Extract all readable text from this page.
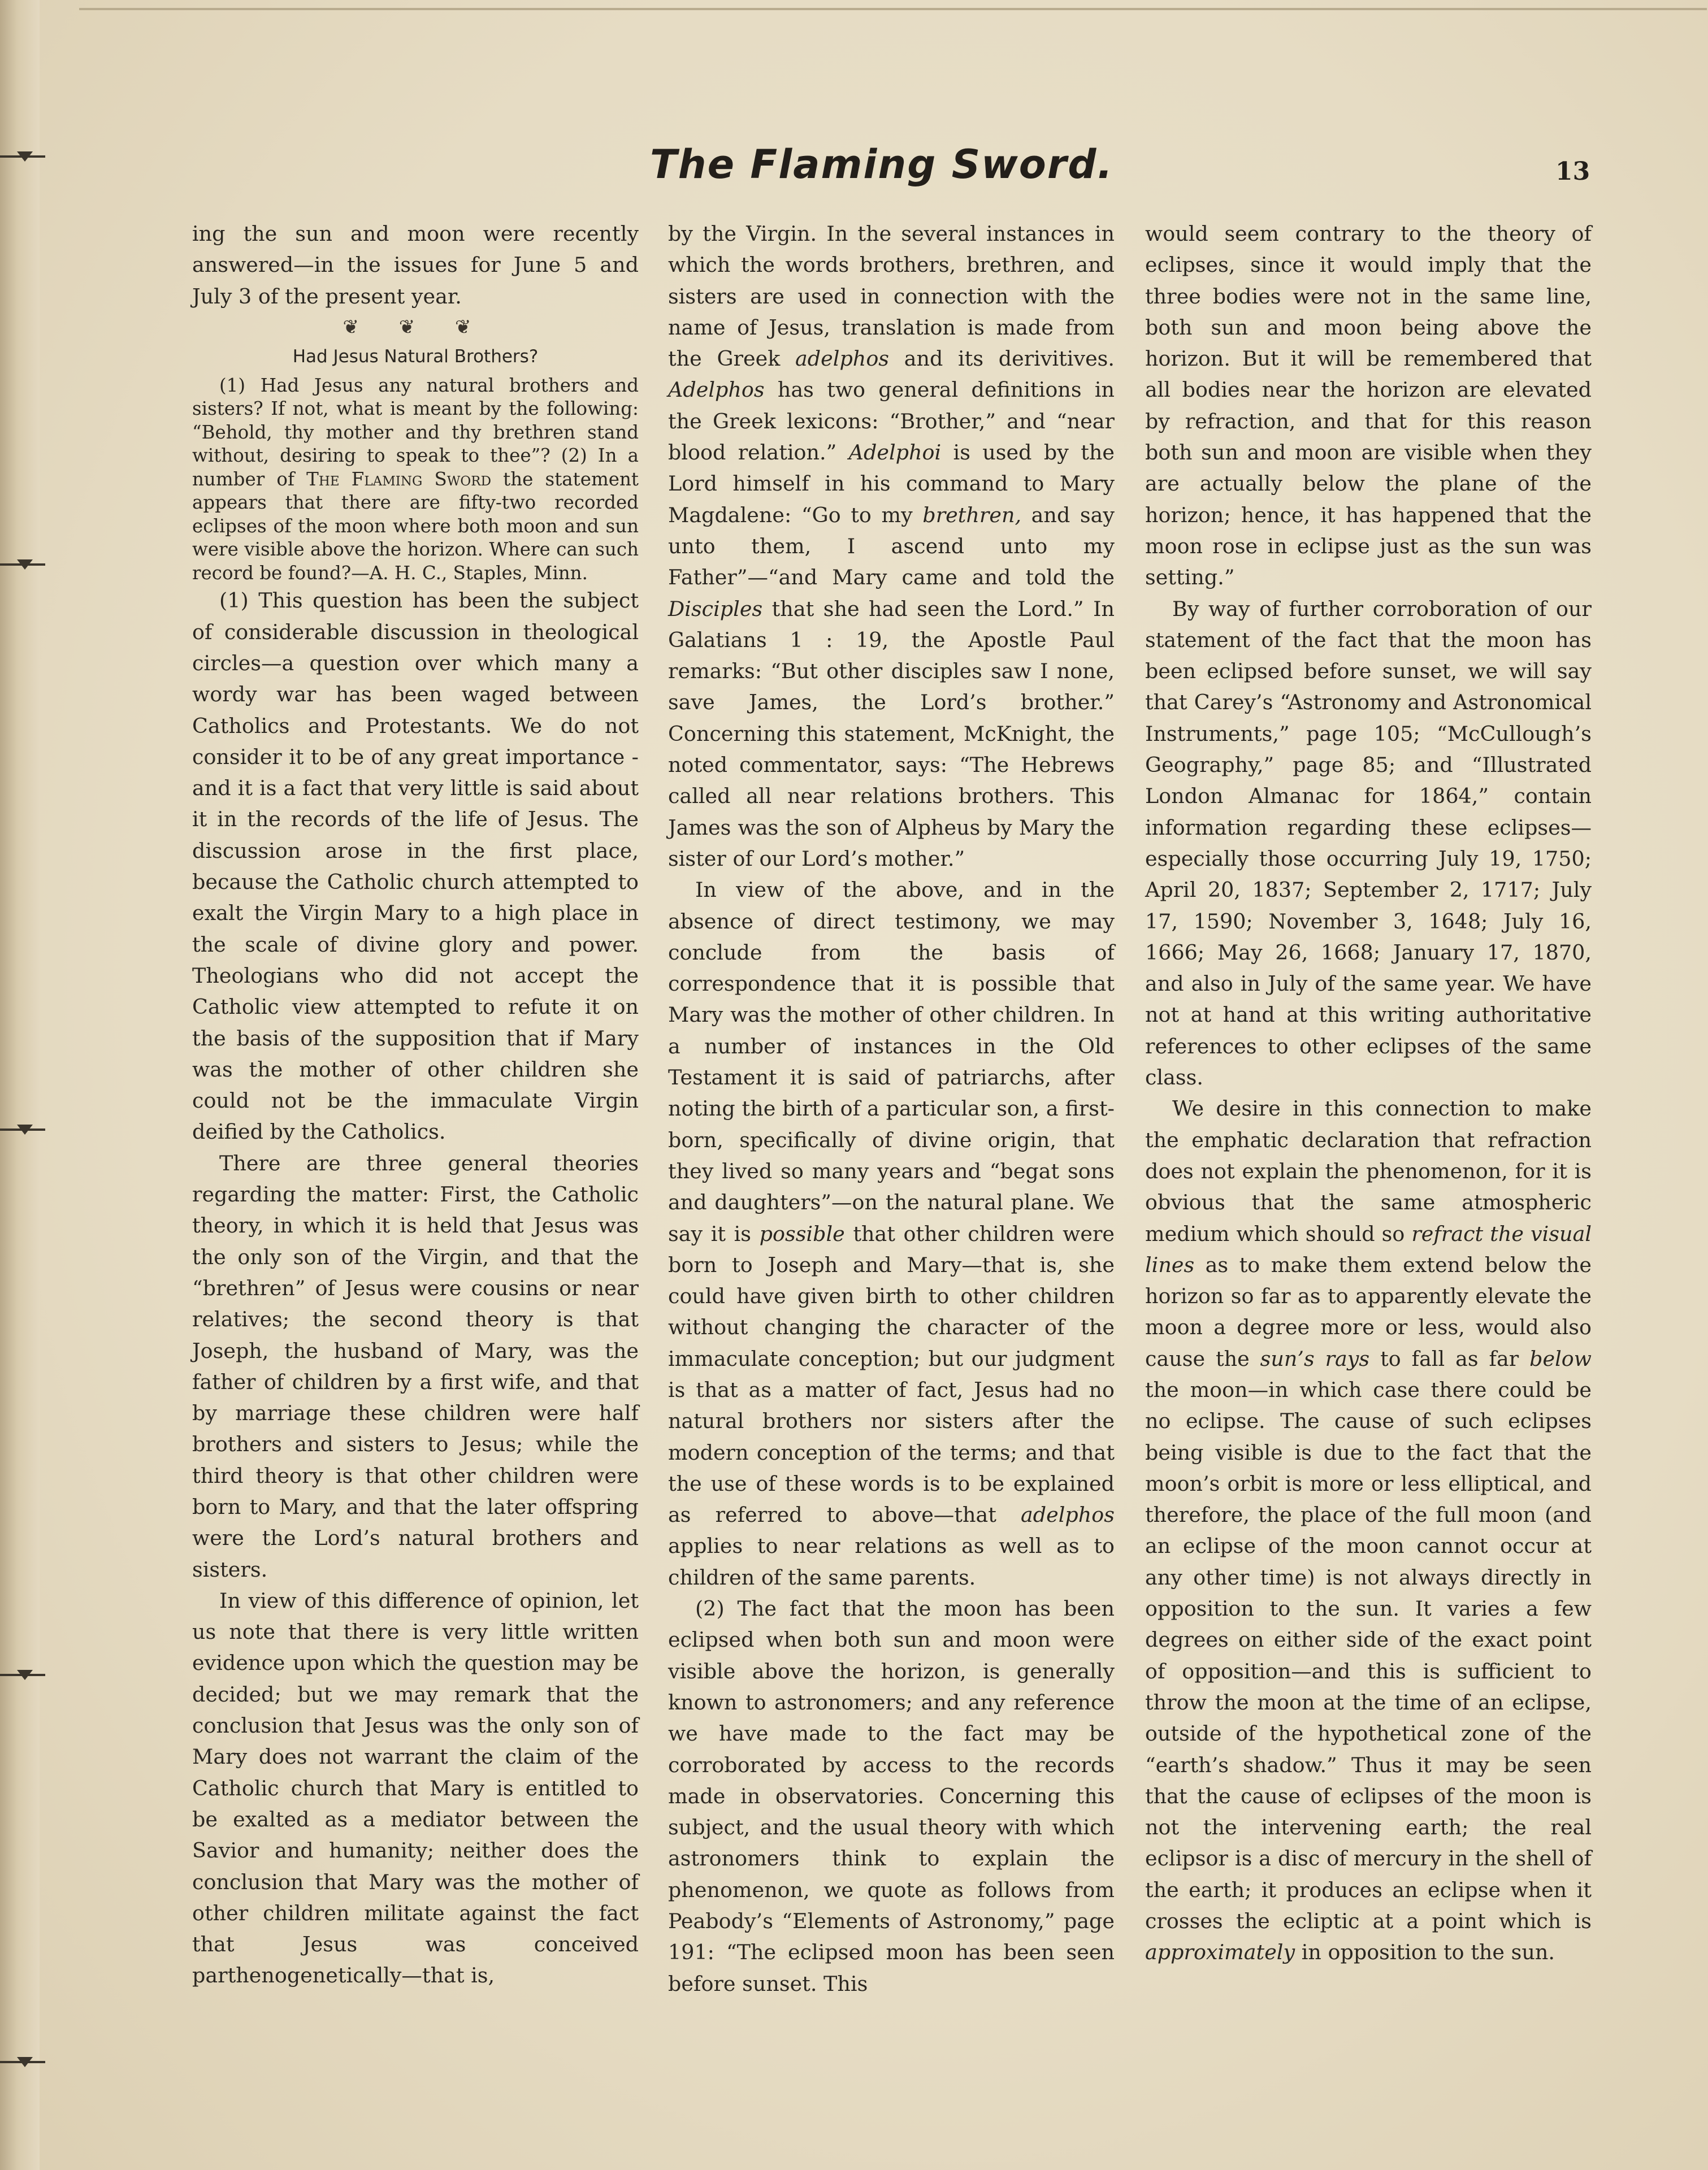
The Flaming Sword.	13

ing the sun and moon were recently answered—in the issues for June 5 and July 3 of the present year.

❦ ❦ ❦
Had Jesus Natural Brothers?

(1) Had Jesus any natural brothers and sisters? If not, what is meant by the following: “Behold, thy mother and thy brethren stand without, desiring to speak to thee”? (2) In a number of The Flaming Sword the statement appears that there are fifty-two recorded eclipses of the moon where both moon and sun were visible above the horizon. Where can such record be found?—A. H. C., Staples, Minn.

(1) This question has been the subject of considerable discussion in theological circles—a question over which many a wordy war has been waged between Catholics and Protestants. We do not consider it to be of any great importance - and it is a fact that very little is said about it in the records of the life of Jesus. The discussion arose in the first place, because the Catholic church attempted to exalt the Virgin Mary to a high place in the scale of divine glory and power. Theologians who did not accept the Catholic view attempted to refute it on the basis of the supposition that if Mary was the mother of other children she could not be the immaculate Virgin deified by the Catholics.

There are three general theories regarding the matter: First, the Catholic theory, in which it is held that Jesus was the only son of the Virgin, and that the “brethren” of Jesus were cousins or near relatives; the second theory is that Joseph, the husband of Mary, was the father of children by a first wife, and that by marriage these children were half brothers and sisters to Jesus; while the third theory is that other children were born to Mary, and that the later offspring were the Lord’s natural brothers and sisters.

In view of this difference of opinion, let us note that there is very little written evidence upon which the question may be decided; but we may remark that the conclusion that Jesus was the only son of Mary does not warrant the claim of the Catholic church that Mary is entitled to be exalted as a mediator between the Savior and humanity; neither does the conclusion that Mary was the mother of other children militate against the fact that Jesus was conceived parthenogenetically—that is,

by the Virgin. In the several instances in which the words brothers, brethren, and sisters are used in connection with the name of Jesus, translation is made from the Greek adelphos and its derivitives. Adelphos has two general definitions in the Greek lexicons: “Brother,” and “near blood relation.” Adelphoi is used by the Lord himself in his command to Mary Magdalene: “Go to my brethren, and say unto them, I ascend unto my Father”—“and Mary came and told the Disciples that she had seen the Lord.” In Galatians 1 : 19, the Apostle Paul remarks: “But other disciples saw I none, save James, the Lord’s brother.” Concerning this statement, McKnight, the noted commentator, says: “The Hebrews called all near relations brothers. This James was the son of Alpheus by Mary the sister of our Lord’s mother.”

In view of the above, and in the absence of direct testimony, we may conclude from the basis of correspondence that it is possible that Mary was the mother of other children. In a number of instances in the Old Testament it is said of patriarchs, after noting the birth of a particular son, a first-born, specifically of divine origin, that they lived so many years and “begat sons and daughters”—on the natural plane. We say it is possible that other children were born to Joseph and Mary—that is, she could have given birth to other children without changing the character of the immaculate conception; but our judgment is that as a matter of fact, Jesus had no natural brothers nor sisters after the modern conception of the terms; and that the use of these words is to be explained as referred to above—that adelphos applies to near relations as well as to children of the same parents.

(2) The fact that the moon has been eclipsed when both sun and moon were visible above the horizon, is generally known to astronomers; and any reference we have made to the fact may be corroborated by access to the records made in observatories. Concerning this subject, and the usual theory with which astronomers think to explain the phenomenon, we quote as follows from Peabody’s “Elements of Astronomy,” page 191: “The eclipsed moon has been seen before sunset. This

would seem contrary to the theory of eclipses, since it would imply that the three bodies were not in the same line, both sun and moon being above the horizon. But it will be remembered that all bodies near the horizon are elevated by refraction, and that for this reason both sun and moon are visible when they are actually below the plane of the horizon; hence, it has happened that the moon rose in eclipse just as the sun was setting.”

By way of further corroboration of our statement of the fact that the moon has been eclipsed before sunset, we will say that Carey’s “Astronomy and Astronomical Instruments,” page 105; “McCullough’s Geography,” page 85; and “Illustrated London Almanac for 1864,” contain information regarding these eclipses—especially those occurring July 19, 1750; April 20, 1837; September 2, 1717; July 17, 1590; November 3, 1648; July 16, 1666; May 26, 1668; January 17, 1870, and also in July of the same year. We have not at hand at this writing authoritative references to other eclipses of the same class.

We desire in this connection to make the emphatic declaration that refraction does not explain the phenomenon, for it is obvious that the same atmospheric medium which should so refract the visual lines as to make them extend below the horizon so far as to apparently elevate the moon a degree more or less, would also cause the sun’s rays to fall as far below the moon—in which case there could be no eclipse. The cause of such eclipses being visible is due to the fact that the moon’s orbit is more or less elliptical, and therefore, the place of the full moon (and an eclipse of the moon cannot occur at any other time) is not always directly in opposition to the sun. It varies a few degrees on either side of the exact point of opposition—and this is sufficient to throw the moon at the time of an eclipse, outside of the hypothetical zone of the “earth’s shadow.” Thus it may be seen that the cause of eclipses of the moon is not the intervening earth; the real eclipsor is a disc of mercury in the shell of the earth; it produces an eclipse when it crosses the ecliptic at a point which is approximately in opposition to the sun.
